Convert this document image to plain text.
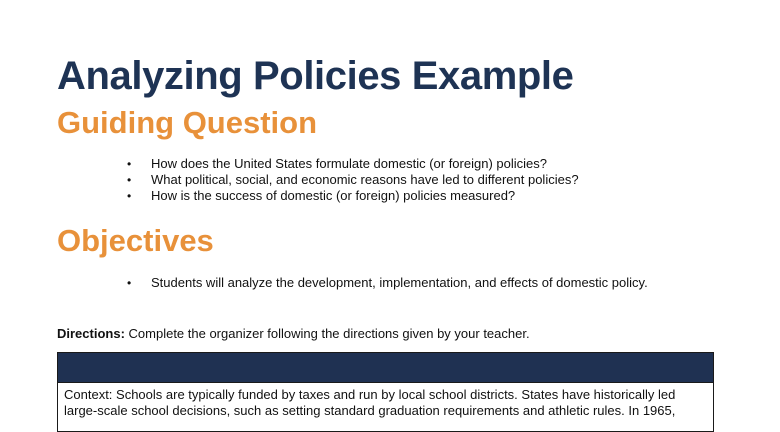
Analyzing Policies Example
Guiding Question
• How does the United States formulate domestic (or foreign) policies?
• What political, social, and economic reasons have led to different policies?
• How is the success of domestic (or foreign) policies measured?
Objectives
• Students will analyze the development, implementation, and effects of domestic policy.
Directions: Complete the organizer following the directions given by your teacher.
Context: Schools are typically funded by taxes and run by local school districts. States have historically led large-scale school decisions, such as setting standard graduation requirements and athletic rules. In 1965,
